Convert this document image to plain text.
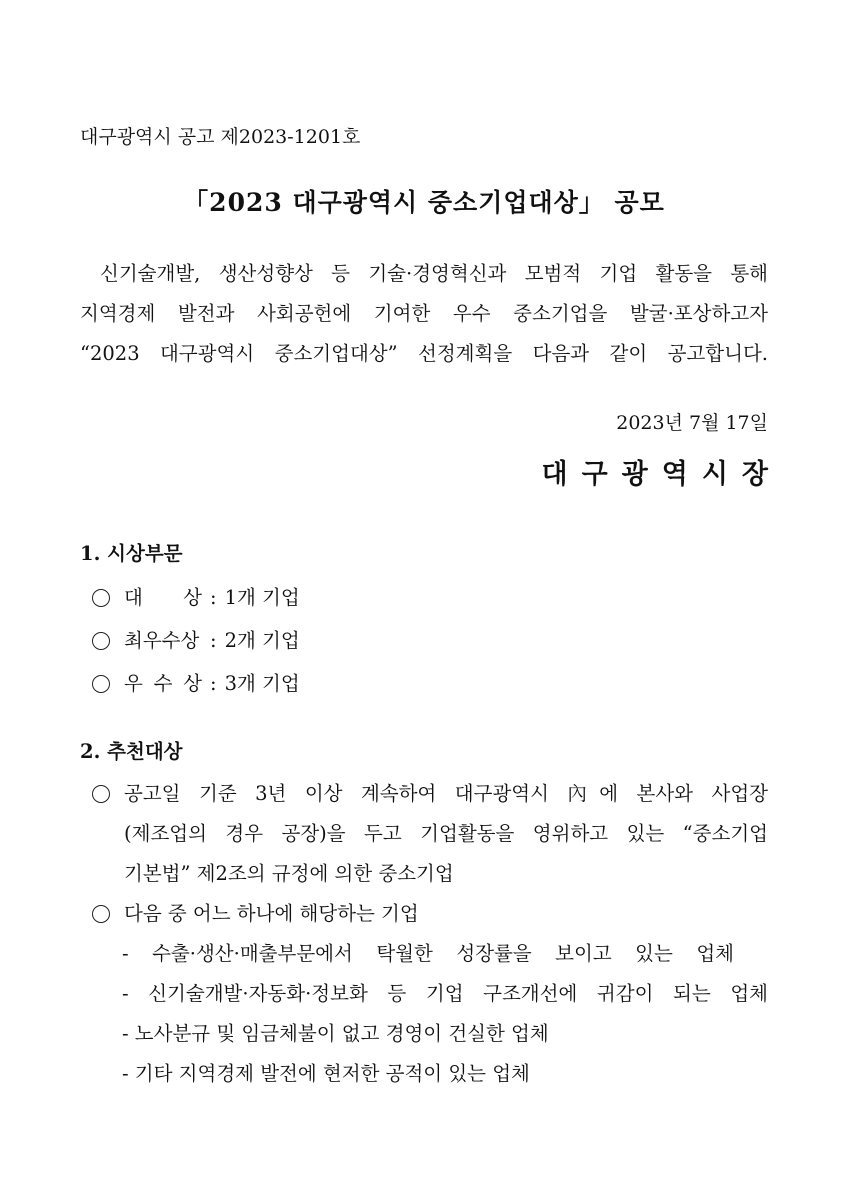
대구광역시 공고 제2023-1201호
「2023 대구광역시 중소기업대상」 공모
신기술개발, 생산성향상 등 기술·경영혁신과 모범적 기업 활동을 통해
지역경제 발전과 사회공헌에 기여한 우수 중소기업을 발굴·포상하고자
“2023 대구광역시 중소기업대상” 선정계획을 다음과 같이 공고합니다.
2023년 7월 17일
대구광역시장
1. 시상부문
대 상 : 1개 기업
최우수상 : 2개 기업
우 수 상 : 3개 기업
2. 추천대상
공고일 기준 3년 이상 계속하여 대구광역시 內에 본사와 사업장
(제조업의 경우 공장)을 두고 기업활동을 영위하고 있는 “중소기업
기본법” 제2조의 규정에 의한 중소기업
다음 중 어느 하나에 해당하는 기업
- 수출·생산·매출부문에서 탁월한 성장률을 보이고 있는 업체
- 신기술개발·자동화·정보화 등 기업 구조개선에 귀감이 되는 업체
- 노사분규 및 임금체불이 없고 경영이 건실한 업체
- 기타 지역경제 발전에 현저한 공적이 있는 업체
